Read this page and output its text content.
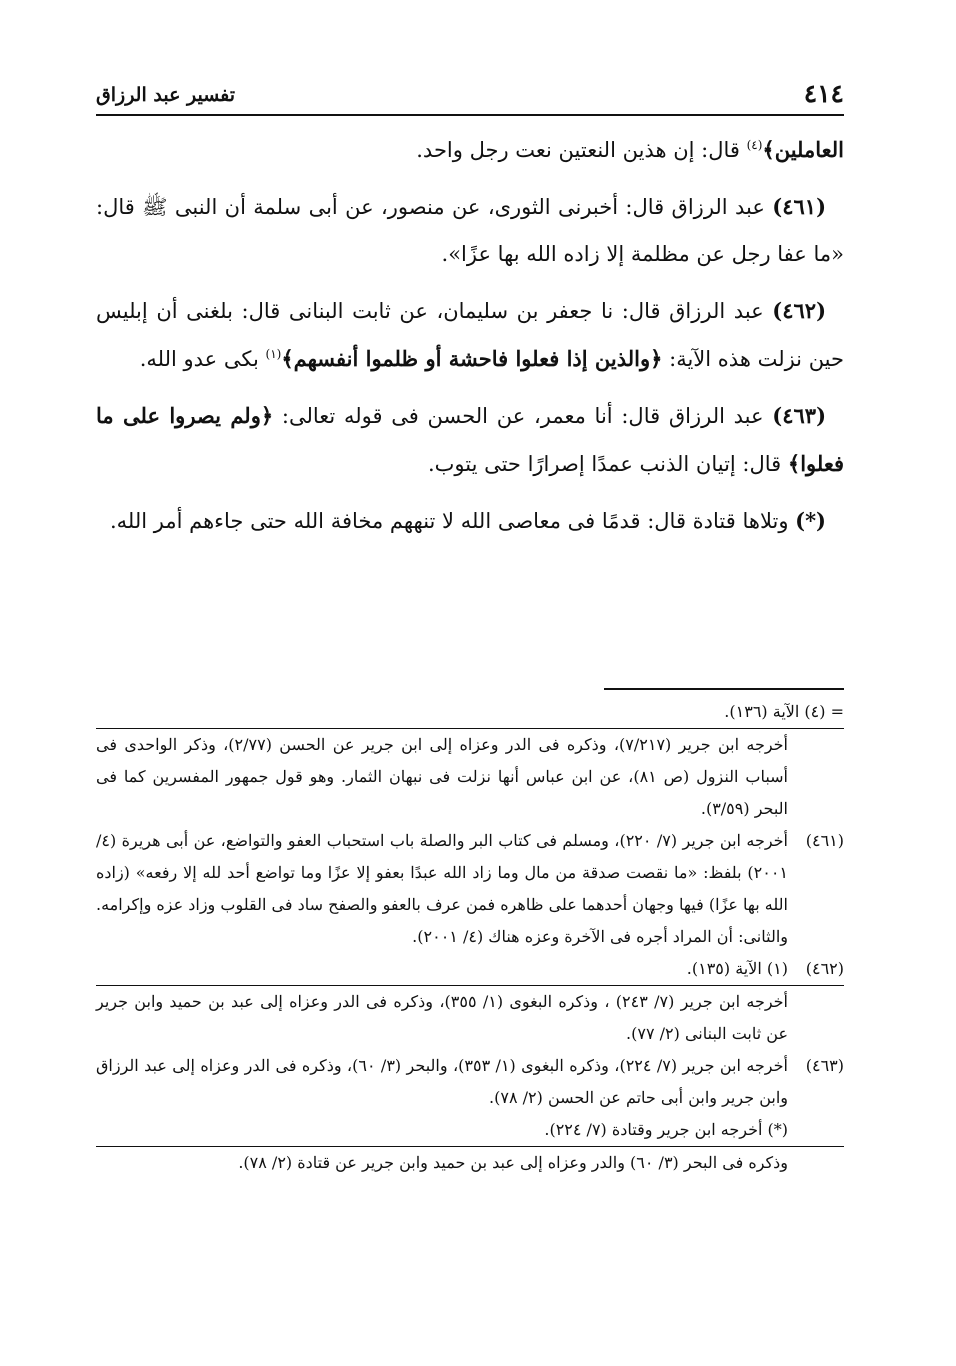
٤١٤
تفسير عبد الرزاق

العاملين﴾$^{(٤)}$ قال: إن هذين النعتين نعت رجل واحد.

(٤٦١) عبد الرزاق قال: أخبرنى الثورى، عن منصور، عن أبى سلمة أن النبى ﷺ قال: «ما عفا رجل عن مظلمة إلا زاده الله بها عزًا».

(٤٦٢) عبد الرزاق قال: نا جعفر بن سليمان، عن ثابت البنانى قال: بلغنى أن إبليس حين نزلت هذه الآية: ﴿والذين إذا فعلوا فاحشة أو ظلموا أنفسهم﴾$^{(١)}$ بكى عدو الله.

(٤٦٣) عبد الرزاق قال: أنا معمر، عن الحسن فى قوله تعالى: ﴿ولم يصروا على ما فعلوا﴾ قال: إتيان الذنب عمدًا إصرارًا حتى يتوب.

(*) وتلاها قتادة قال: قدمًا فى معاصى الله لا تنههم مخافة الله حتى جاءهم أمر الله.

= (٤) الآية (١٣٦).

أخرجه ابن جرير (٧/٢١٧)، وذكره فى الدر وعزاه إلى ابن جرير عن الحسن (٢/٧٧)، وذكر الواحدى فى أسباب النزول (ص ٨١)، عن ابن عباس أنها نزلت فى نبهان الثمار. وهو قول جمهور المفسرين كما فى البحر (٣/٥٩).

(٤٦١)

أخرجه ابن جرير (٧/ ٢٢٠)، ومسلم فى كتاب البر والصلة باب استحباب العفو والتواضع، عن أبى هريرة (٤/ ٢٠٠١) بلفظ: «ما نقصت صدقة من مال وما زاد الله عبدًا بعفو إلا عزًا وما تواضع أحد لله إلا رفعه» (زاده الله بها عزًا) فيها وجهان أحدهما على ظاهره فمن عرف بالعفو والصفح ساد فى القلوب وزاد عزه وإكرامه. والثانى: أن المراد أجره فى الآخرة وعزه هناك (٤/ ٢٠٠١).

(٤٦٢)

(١) الآية (١٣٥).

أخرجه ابن جرير (٧/ ٢٤٣) ، وذكره البغوى (١/ ٣٥٥)، وذكره فى الدر وعزاه إلى عبد بن حميد وابن جرير عن ثابت البنانى (٢/ ٧٧).

(٤٦٣)

أخرجه ابن جرير (٧/ ٢٢٤)، وذكره البغوى (١/ ٣٥٣)، والبحر (٣/ ٦٠)، وذكره فى الدر وعزاه إلى عبد الرزاق وابن جرير وابن أبى حاتم عن الحسن (٢/ ٧٨).

(*) أخرجه ابن جرير وقتادة (٧/ ٢٢٤).

وذكره فى البحر (٣/ ٦٠) والدر وعزاه إلى عبد بن حميد وابن جرير عن قتادة (٢/ ٧٨).
